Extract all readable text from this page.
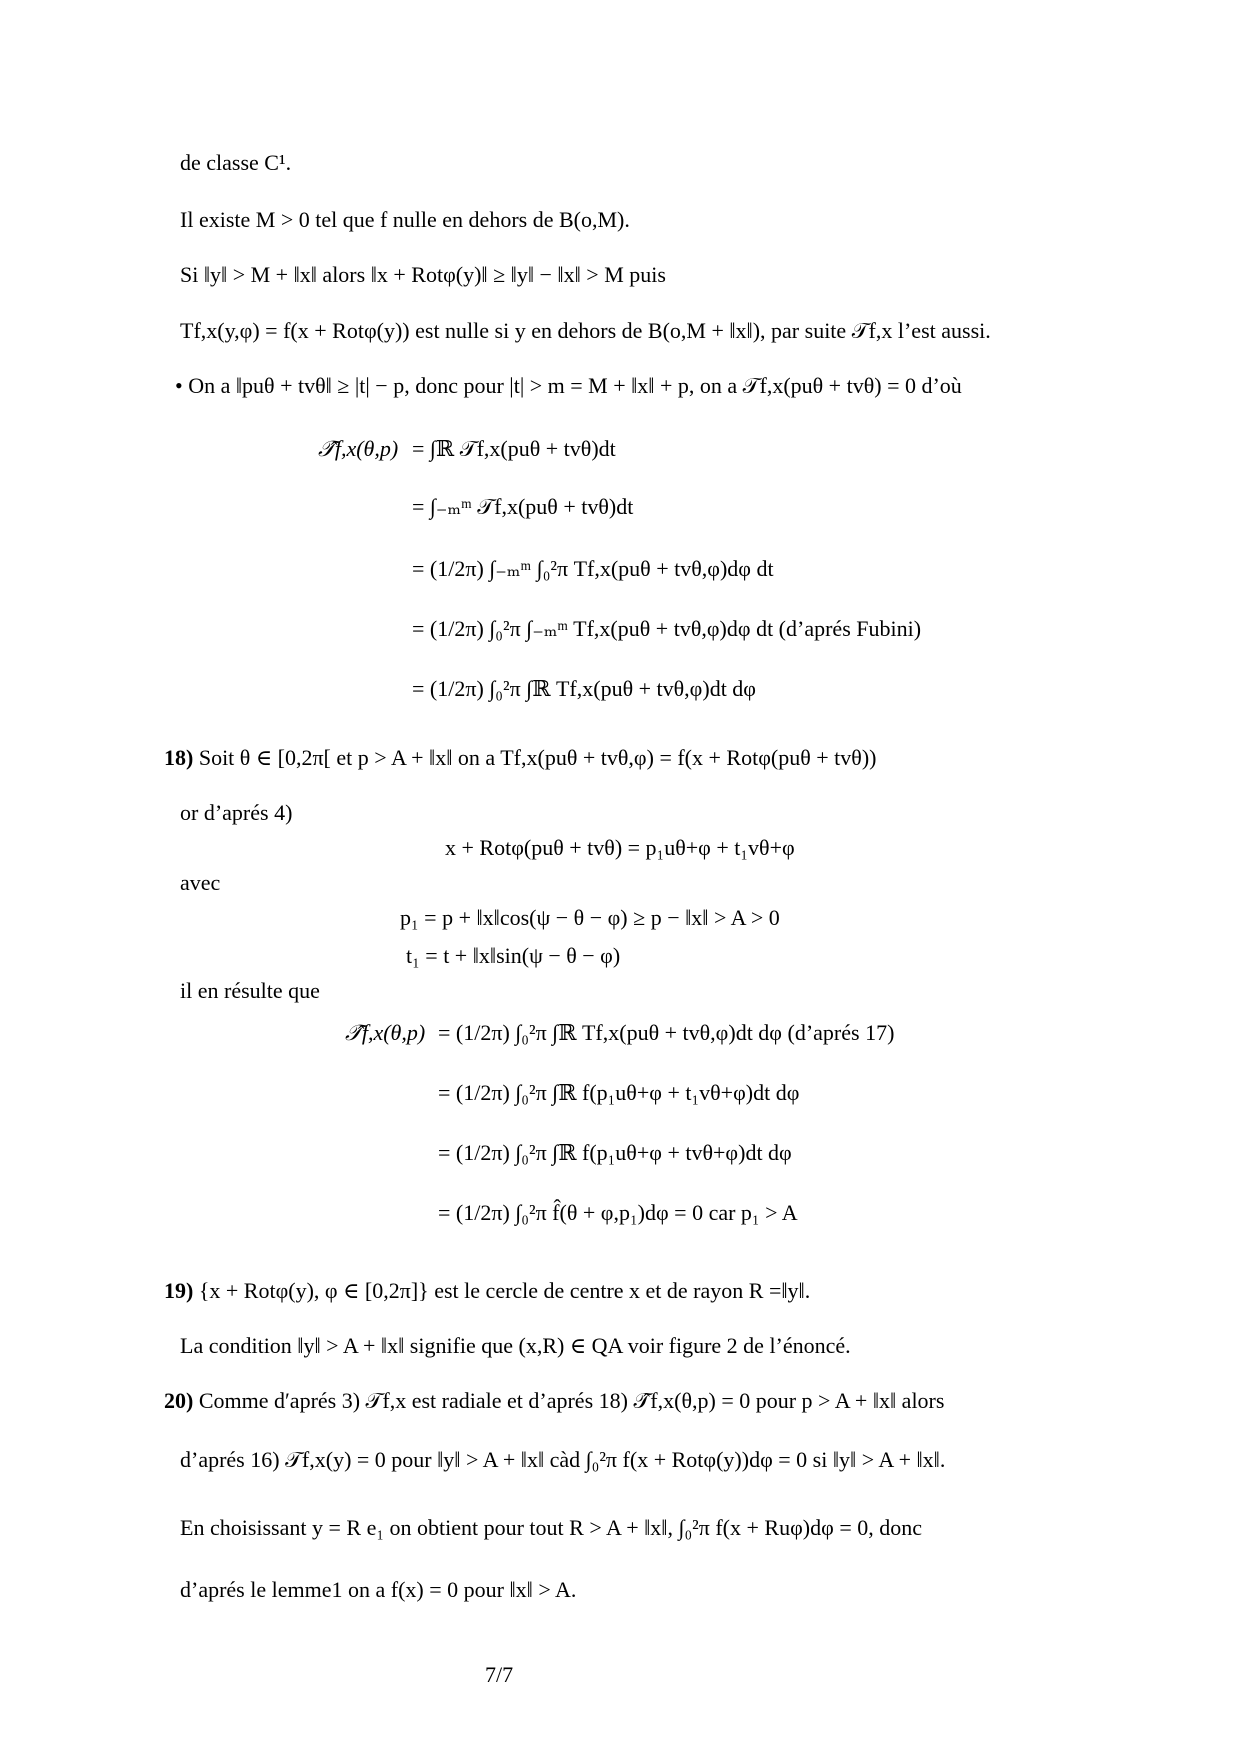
de classe C¹.
Il existe M > 0 tel que f nulle en dehors de B(o,M).
Si ‖y‖ > M + ‖x‖ alors ‖x + Rotφ(y)‖ ≥ ‖y‖ − ‖x‖ > M puis
Tf,x(y,φ) = f(x + Rotφ(y)) est nulle si y en dehors de B(o,M + ‖x‖), par suite 𝒯f,x l’est aussi.
• On a ‖puθ + tvθ‖ ≥ |t| − p, donc pour |t| > m = M + ‖x‖ + p, on a 𝒯f,x(puθ + tvθ) = 0 d’où
𝒯̂f,x(θ,p) = ∫ℝ 𝒯f,x(puθ + tvθ)dt
= ∫₋ₘᵐ 𝒯f,x(puθ + tvθ)dt
= (1/2π) ∫₋ₘᵐ ∫₀²π Tf,x(puθ + tvθ,φ)dφ dt
= (1/2π) ∫₀²π ∫₋ₘᵐ Tf,x(puθ + tvθ,φ)dφ dt (d’aprés Fubini)
= (1/2π) ∫₀²π ∫ℝ Tf,x(puθ + tvθ,φ)dt dφ
18) Soit θ ∈ [0,2π[ et p > A + ‖x‖ on a Tf,x(puθ + tvθ,φ) = f(x + Rotφ(puθ + tvθ))
or d’aprés 4)
x + Rotφ(puθ + tvθ) = p₁uθ+φ + t₁vθ+φ
avec
p₁ = p + ‖x‖cos(ψ − θ − φ) ≥ p − ‖x‖ > A > 0
t₁ = t + ‖x‖sin(ψ − θ − φ)
il en résulte que
𝒯̂f,x(θ,p) = (1/2π) ∫₀²π ∫ℝ Tf,x(puθ + tvθ,φ)dt dφ (d’aprés 17)
= (1/2π) ∫₀²π ∫ℝ f(p₁uθ+φ + t₁vθ+φ)dt dφ
= (1/2π) ∫₀²π ∫ℝ f(p₁uθ+φ + tvθ+φ)dt dφ
= (1/2π) ∫₀²π f̂(θ + φ,p₁)dφ = 0 car p₁ > A
19) {x + Rotφ(y), φ ∈ [0,2π]} est le cercle de centre x et de rayon R =‖y‖.
La condition ‖y‖ > A + ‖x‖ signifie que (x,R) ∈ QA voir figure 2 de l’énoncé.
20) Comme d′aprés 3) 𝒯f,x est radiale et d’aprés 18) 𝒯̂f,x(θ,p) = 0 pour p > A + ‖x‖ alors
d’aprés 16) 𝒯f,x(y) = 0 pour ‖y‖ > A + ‖x‖ càd ∫₀²π f(x + Rotφ(y))dφ = 0 si ‖y‖ > A + ‖x‖.
En choisissant y = R e₁ on obtient pour tout R > A + ‖x‖, ∫₀²π f(x + Ruφ)dφ = 0, donc
d’aprés le lemme1 on a f(x) = 0 pour ‖x‖ > A.
7/7
